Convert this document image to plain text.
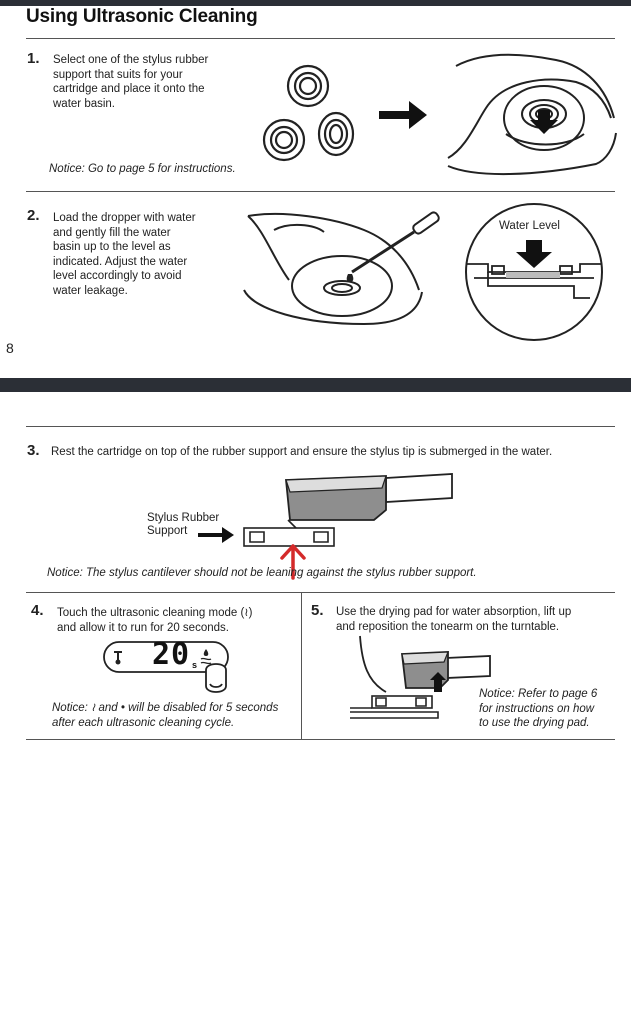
Using Ultrasonic Cleaning
1. Select one of the stylus rubber
support that suits for your
cartridge and place it onto the
water basin.
Notice: Go to page 5 for instructions.
2. Load the dropper with water
and gently fill the water
basin up to the level as
indicated. Adjust the water
level accordingly to avoid
water leakage.
Water Level
8
3. Rest the cartridge on top of the rubber support and ensure the stylus tip is submerged in the water.
Stylus Rubber
Support
Notice: The stylus cantilever should not be leaning against the stylus rubber support.
4. Touch the ultrasonic cleaning mode (≀)
and allow it to run for 20 seconds.
20 s
Notice: ≀ and • will be disabled for 5 seconds
after each ultrasonic cleaning cycle.
5. Use the drying pad for water absorption, lift up
and reposition the tonearm on the turntable.
Notice: Refer to page 6
for instructions on how
to use the drying pad.
